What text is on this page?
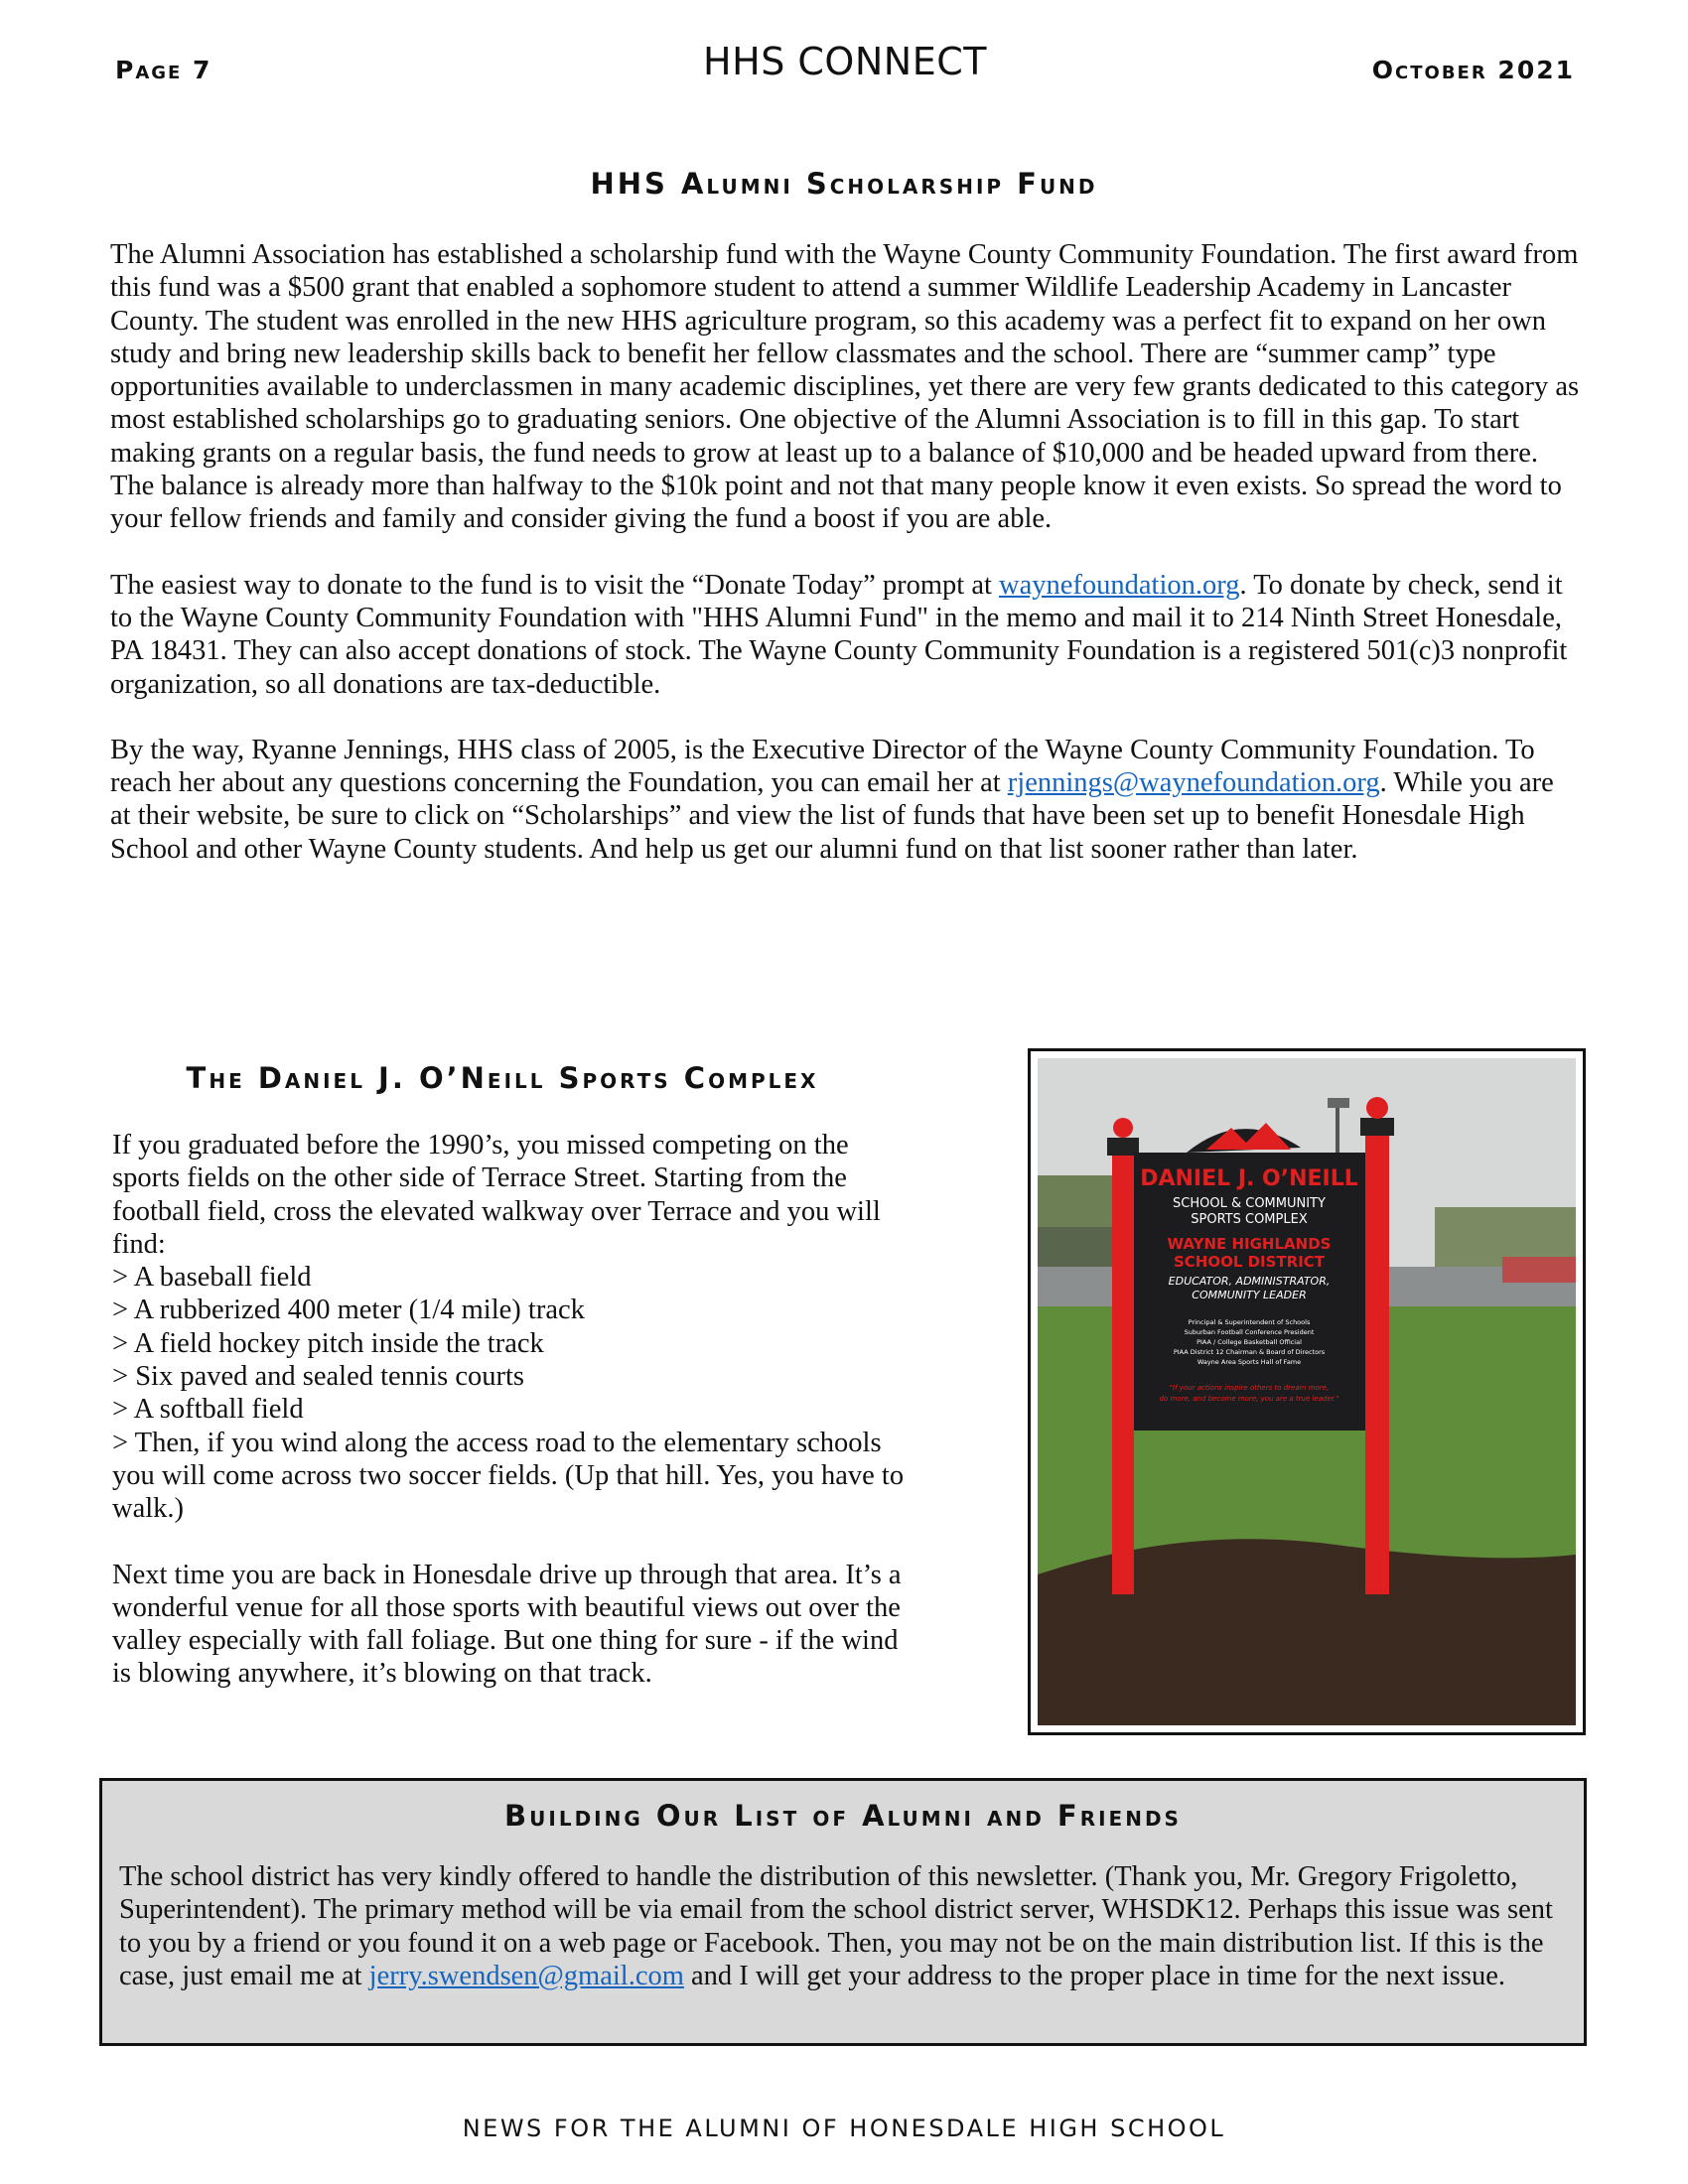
Page 7	HHS CONNECT	October 2021
HHS Alumni Scholarship Fund

The Alumni Association has established a scholarship fund with the Wayne County Community Foundation. The first award from this fund was a $500 grant that enabled a sophomore student to attend a summer Wildlife Leadership Academy in Lancaster County. The student was enrolled in the new HHS agriculture program, so this academy was a perfect fit to expand on her own study and bring new leadership skills back to benefit her fellow classmates and the school. There are “summer camp” type opportunities available to underclassmen in many academic disciplines, yet there are very few grants dedicated to this category as most established scholarships go to graduating seniors. One objective of the Alumni Association is to fill in this gap. To start making grants on a regular basis, the fund needs to grow at least up to a balance of $10,000 and be headed upward from there. The balance is already more than halfway to the $10k point and not that many people know it even exists. So spread the word to your fellow friends and family and consider giving the fund a boost if you are able.

The easiest way to donate to the fund is to visit the “Donate Today” prompt at waynefoundation.org. To donate by check, send it to the Wayne County Community Foundation with "HHS Alumni Fund" in the memo and mail it to 214 Ninth Street Honesdale, PA 18431. They can also accept donations of stock. The Wayne County Community Foundation is a registered 501(c)3 nonprofit organization, so all donations are tax-deductible.

By the way, Ryanne Jennings, HHS class of 2005, is the Executive Director of the Wayne County Community Foundation. To reach her about any questions concerning the Foundation, you can email her at rjennings@waynefoundation.org. While you are at their website, be sure to click on “Scholarships” and view the list of funds that have been set up to benefit Honesdale High School and other Wayne County students. And help us get our alumni fund on that list sooner rather than later.

The Daniel J. O’Neill Sports Complex
If you graduated before the 1990’s, you missed competing on the sports fields on the other side of Terrace Street. Starting from the football field, cross the elevated walkway over Terrace and you will find:
> A baseball field
> A rubberized 400 meter (1/4 mile) track
> A field hockey pitch inside the track
> Six paved and sealed tennis courts
> A softball field
> Then, if you wind along the access road to the elementary schools you will come across two soccer fields. (Up that hill. Yes, you have to walk.)

Next time you are back in Honesdale drive up through that area. It’s a wonderful venue for all those sports with beautiful views out over the valley especially with fall foliage. But one thing for sure - if the wind is blowing anywhere, it’s blowing on that track.

DANIEL J. O’NEILL
SCHOOL & COMMUNITY
SPORTS COMPLEX
WAYNE HIGHLANDS
SCHOOL DISTRICT
EDUCATOR, ADMINISTRATOR,
COMMUNITY LEADER
Principal & Superintendent of Schools
Suburban Football Conference President
PIAA / College Basketball Official
PIAA District 12 Chairman & Board of Directors
Wayne Area Sports Hall of Fame
"If your actions inspire others to dream more,
do more, and become more, you are a true leader."
Building Our List of Alumni and Friends

The school district has very kindly offered to handle the distribution of this newsletter. (Thank you, Mr. Gregory Frigoletto, Superintendent). The primary method will be via email from the school district server, WHSDK12. Perhaps this issue was sent to you by a friend or you found it on a web page or Facebook. Then, you may not be on the main distribution list. If this is the case, just email me at jerry.swendsen@gmail.com and I will get your address to the proper place in time for the next issue.

NEWS FOR THE ALUMNI OF HONESDALE HIGH SCHOOL
